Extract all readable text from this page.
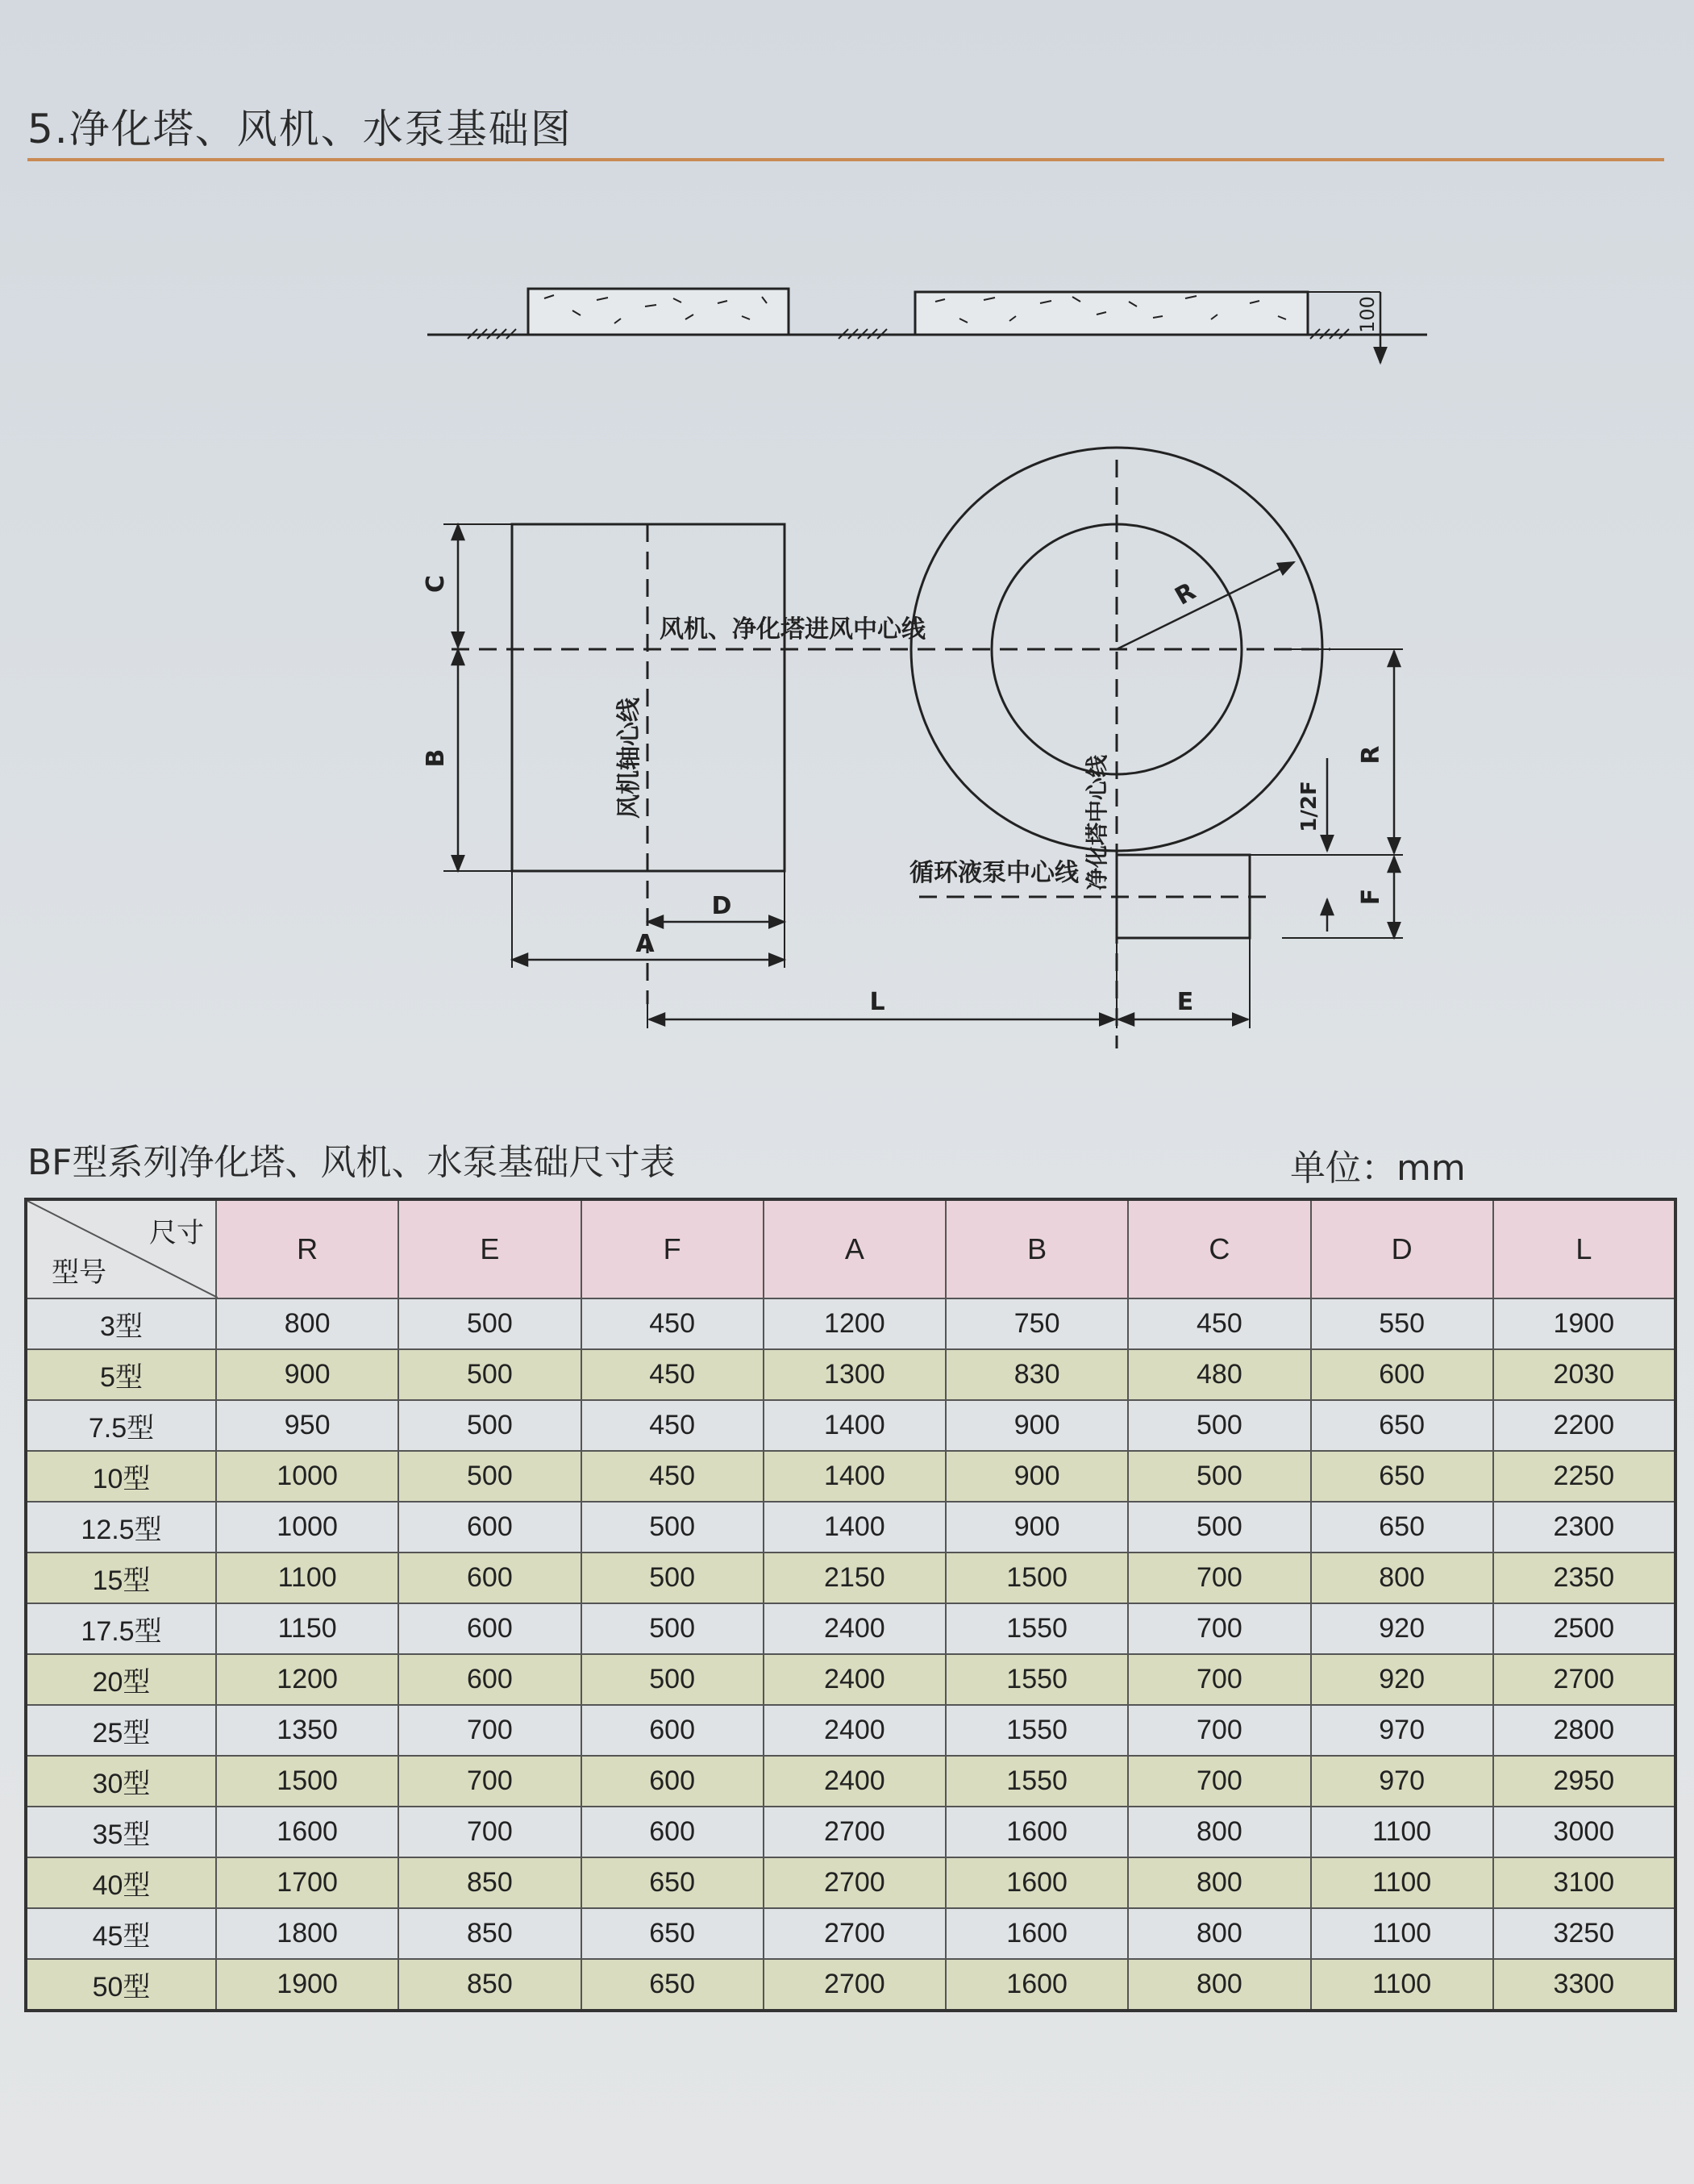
5.净化塔、风机、水泵基础图
100
C
B
D
A
风机轴心线
风机、净化塔进风中心线
R
净化塔中心线
循环液泵中心线
R
1/2F
F
L	E
BF型系列净化塔、风机、水泵基础尺寸表	单位：mm
尺寸
型号	R	E	F	A	B	C	D	L
3型	800	500	450	1200	750	450	550	1900
5型	900	500	450	1300	830	480	600	2030
7.5型	950	500	450	1400	900	500	650	2200
10型	1000	500	450	1400	900	500	650	2250
12.5型	1000	600	500	1400	900	500	650	2300
15型	1100	600	500	2150	1500	700	800	2350
17.5型	1150	600	500	2400	1550	700	920	2500
20型	1200	600	500	2400	1550	700	920	2700
25型	1350	700	600	2400	1550	700	970	2800
30型	1500	700	600	2400	1550	700	970	2950
35型	1600	700	600	2700	1600	800	1100	3000
40型	1700	850	650	2700	1600	800	1100	3100
45型	1800	850	650	2700	1600	800	1100	3250
50型	1900	850	650	2700	1600	800	1100	3300
